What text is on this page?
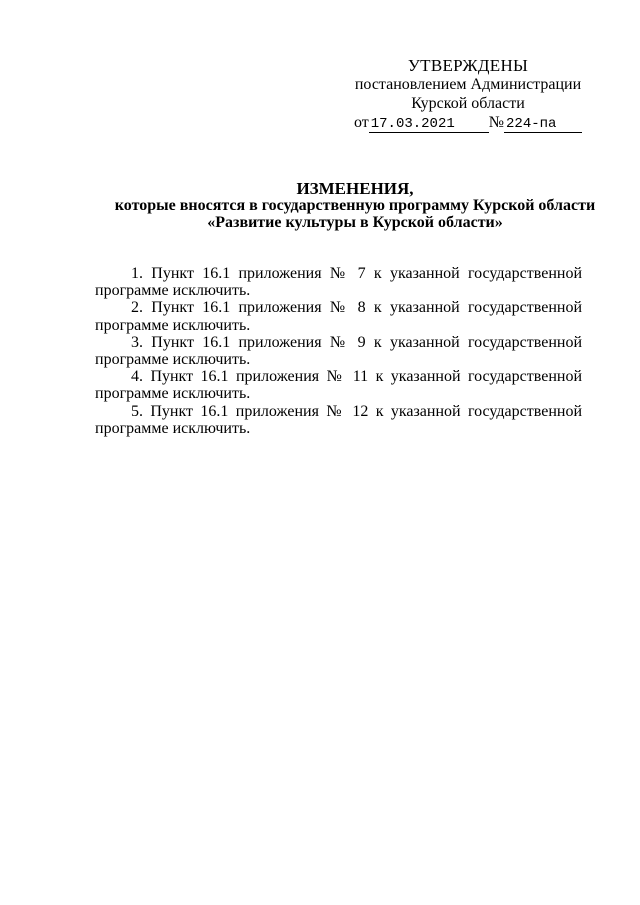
УТВЕРЖДЕНЫ
постановлением Администрации
Курской области
от 17.03.2021 № 224-па
ИЗМЕНЕНИЯ,
которые вносятся в государственную программу Курской области
«Развитие культуры в Курской области»
1. Пункт 16.1 приложения № 7 к указанной государственной
программе исключить.
2. Пункт 16.1 приложения № 8 к указанной государственной
программе исключить.
3. Пункт 16.1 приложения № 9 к указанной государственной
программе исключить.
4. Пункт 16.1 приложения № 11 к указанной государственной
программе исключить.
5. Пункт 16.1 приложения № 12 к указанной государственной
программе исключить.
